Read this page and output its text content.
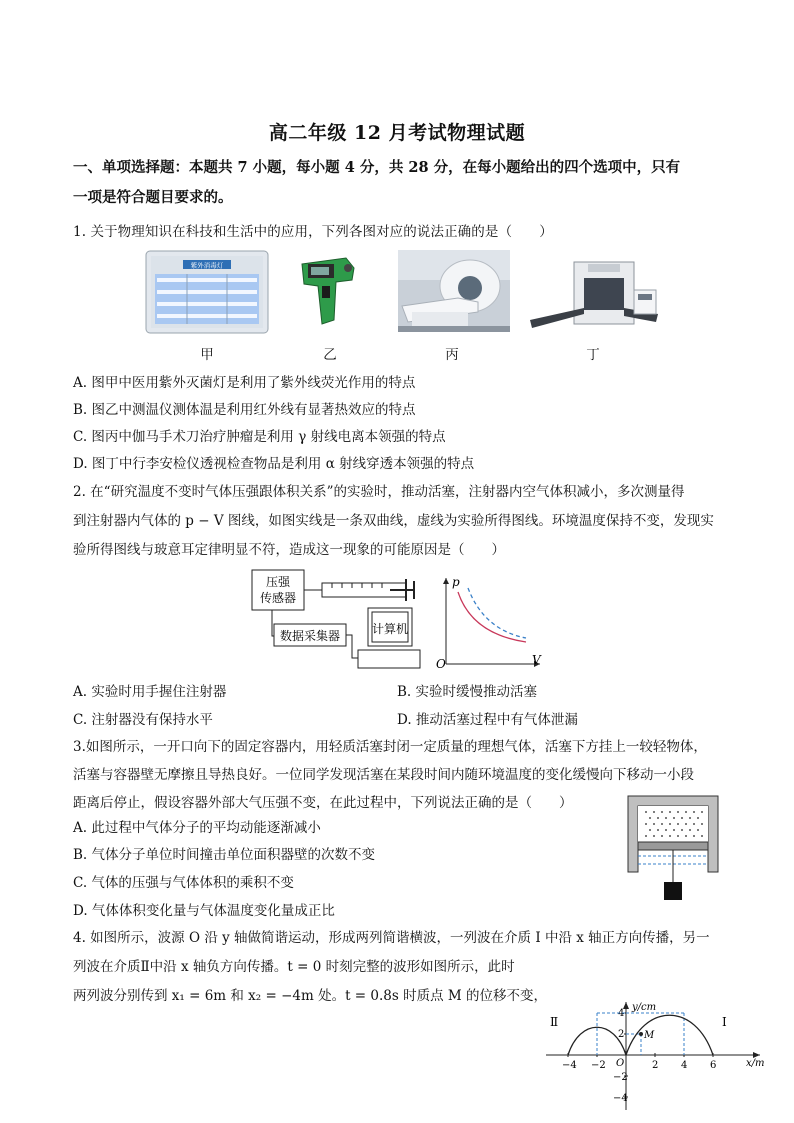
高二年级 12 月考试物理试题
一、单项选择题：本题共 7 小题，每小题 4 分，共 28 分，在每小题给出的四个选项中，只有
一项是符合题目要求的。
1. 关于物理知识在科技和生活中的应用，下列各图对应的说法正确的是（　　）
紫外消毒灯
甲	乙	丙	丁
A. 图甲中医用紫外灭菌灯是利用了紫外线荧光作用的特点
B. 图乙中测温仪测体温是利用红外线有显著热效应的特点
C. 图丙中伽马手术刀治疗肿瘤是利用 γ 射线电离本领强的特点
D. 图丁中行李安检仪透视检查物品是利用 α 射线穿透本领强的特点
2. 在“研究温度不变时气体压强跟体积关系”的实验时，推动活塞，注射器内空气体积减小，多次测量得
到注射器内气体的 p − V 图线，如图实线是一条双曲线，虚线为实验所得图线。环境温度保持不变，发现实
验所得图线与玻意耳定律明显不符，造成这一现象的可能原因是（　　）
压强
传感器
数据采集器	计算机
p
V
O
A. 实验时用手握住注射器	B. 实验时缓慢推动活塞
C. 注射器没有保持水平	D. 推动活塞过程中有气体泄漏
3.如图所示，一开口向下的固定容器内，用轻质活塞封闭一定质量的理想气体，活塞下方挂上一较轻物体，
活塞与容器壁无摩擦且导热良好。一位同学发现活塞在某段时间内随环境温度的变化缓慢向下移动一小段
距离后停止，假设容器外部大气压强不变，在此过程中，下列说法正确的是（　　）
A. 此过程中气体分子的平均动能逐渐减小
B. 气体分子单位时间撞击单位面积器壁的次数不变
C. 气体的压强与气体体积的乘积不变
D. 气体体积变化量与气体温度变化量成正比
4. 如图所示，波源 O 沿 y 轴做简谐运动，形成两列简谐横波，一列波在介质 Ⅰ 中沿 x 轴正方向传播，另一
列波在介质Ⅱ中沿 x 轴负方向传播。t = 0 时刻完整的波形如图所示，此时
两列波分别传到 x₁ = 6m 和 x₂ = −4m 处。t = 0.8s 时质点 M 的位移不变，
y/cm
x/m
Ⅱ	Ⅰ
−4 −2	2 4 6
4
2
−2
−4
O
M
